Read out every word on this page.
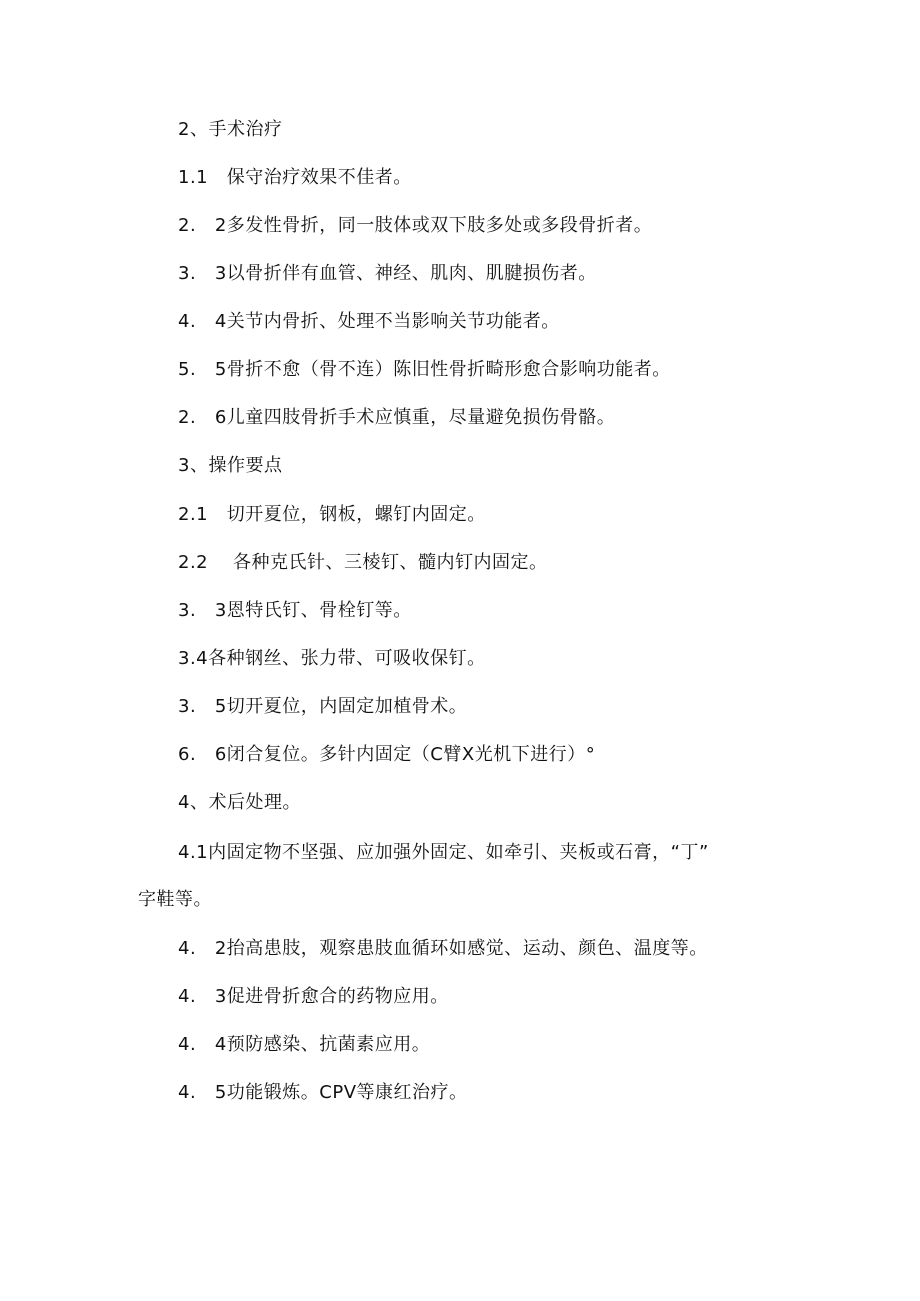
2、手术治疗
1.1   保守治疗效果不佳者。
2.   2多发性骨折，同一肢体或双下肢多处或多段骨折者。
3.   3以骨折伴有血管、神经、肌肉、肌腱损伤者。
4.   4关节内骨折、处理不当影响关节功能者。
5.   5骨折不愈（骨不连）陈旧性骨折畸形愈合影响功能者。
2.   6儿童四肢骨折手术应慎重，尽量避免损伤骨骼。
3、操作要点
2.1   切开夏位，钢板，螺钉内固定。
2.2    各种克氏针、三棱钉、髓内钉内固定。
3.   3恩特氏钉、骨栓钉等。
3.4各种钢丝、张力带、可吸收保钉。
3.   5切开夏位，内固定加植骨术。
6.   6闭合复位。多针内固定（C臂X光机下进行）°
4、术后处理。
4.1内固定物不坚强、应加强外固定、如牵引、夹板或石膏，“丁”
字鞋等。
4.   2抬高患肢，观察患肢血循环如感觉、运动、颜色、温度等。
4.   3促进骨折愈合的药物应用。
4.   4预防感染、抗菌素应用。
4.   5功能锻炼。CPV等康红治疗。
